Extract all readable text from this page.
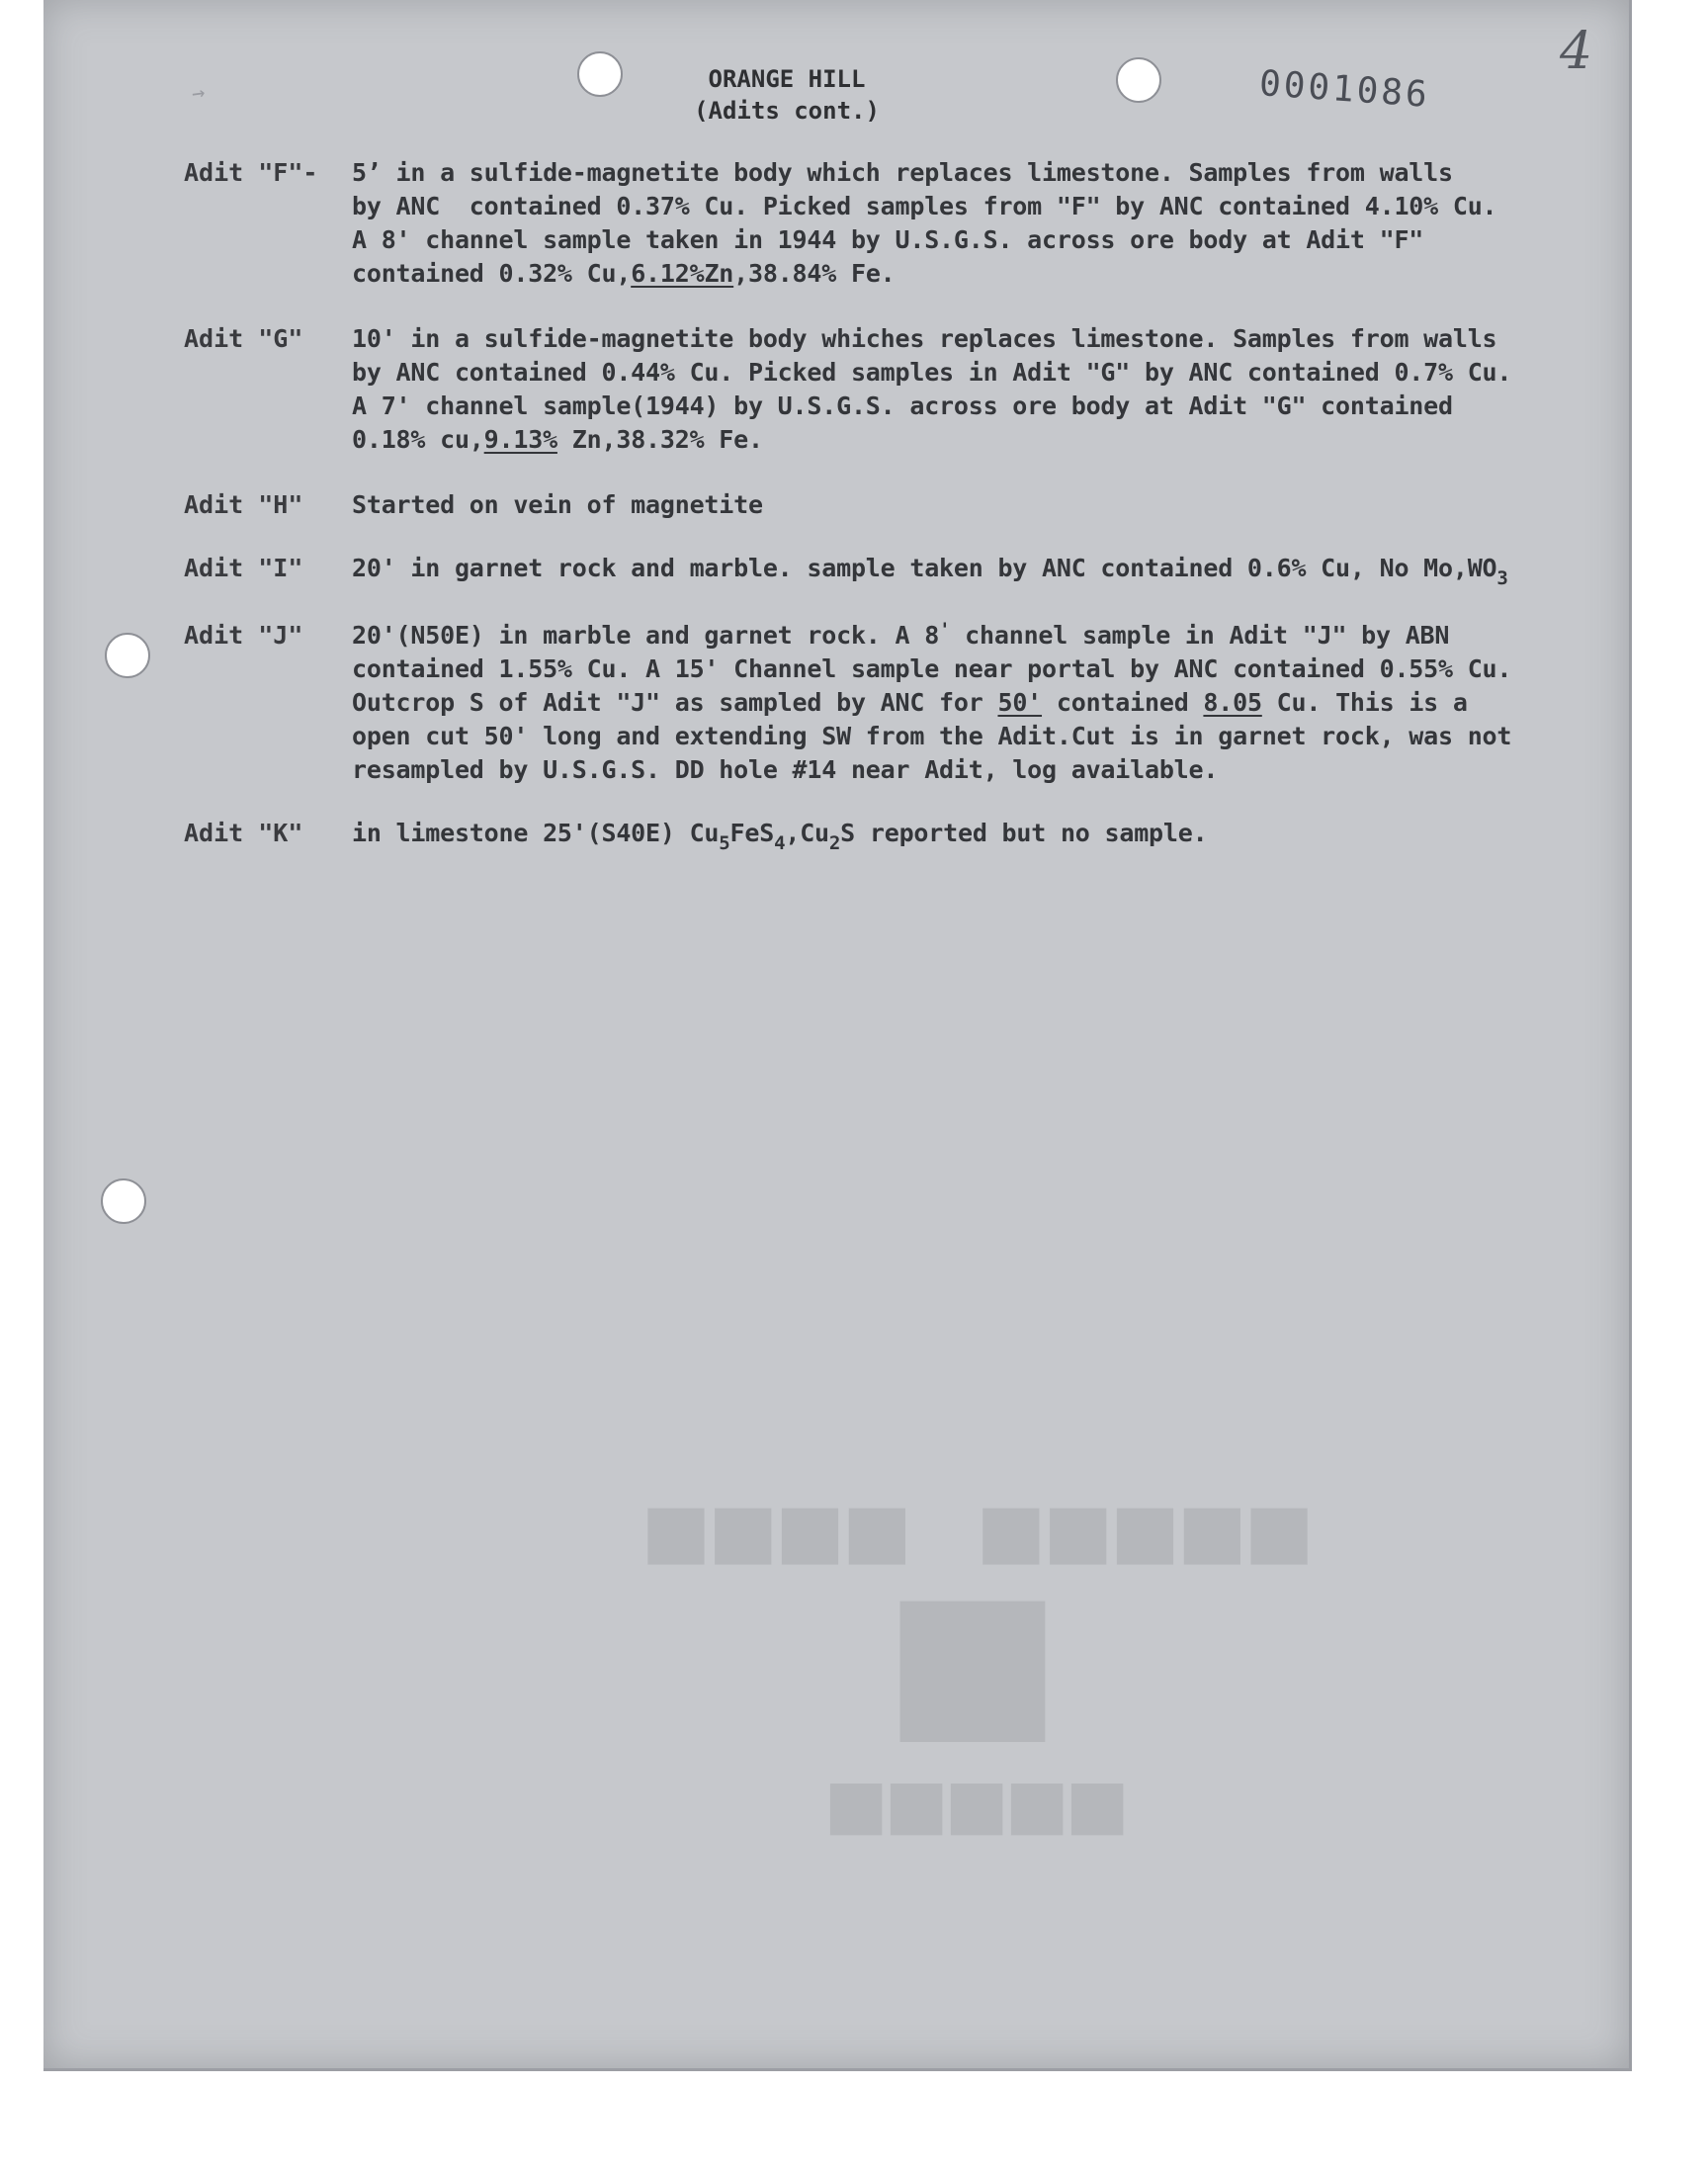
→
ORANGE HILL
(Adits cont.)	0001086
4
Adit "F"-	5’ in a sulfide-magnetite body which replaces limestone. Samples from walls
by ANC  contained 0.37% Cu. Picked samples from "F" by ANC contained 4.10% Cu.
A 8' channel sample taken in 1944 by U.S.G.S. across ore body at Adit "F"
contained 0.32% Cu,6.12%Zn,38.84% Fe.
Adit "G"	10' in a sulfide-magnetite body whiches replaces limestone. Samples from walls
by ANC contained 0.44% Cu. Picked samples in Adit "G" by ANC contained 0.7% Cu.
A 7' channel sample(1944) by U.S.G.S. across ore body at Adit "G" contained
0.18% cu,9.13% Zn,38.32% Fe.
Adit "H"	Started on vein of magnetite
Adit "I"	20' in garnet rock and marble. sample taken by ANC contained 0.6% Cu, No $Mo,WO_3$
Adit "J"	20'(N50E) in marble and garnet rock. A 8' channel sample in Adit "J" by ABN
contained 1.55% Cu. A 15' Channel sample near portal by ANC contained 0.55% Cu.
Outcrop S of Adit "J" as sampled by ANC for 50' contained 8.05 Cu. This is a
open cut 50' long and extending SW from the Adit.Cut is in garnet rock, was not
resampled by U.S.G.S. DD hole #14 near Adit, log available.
Adit "K"	in limestone 25'(S40E) $Cu_5FeS_4,Cu_2S$ reported but no sample.
■■■■■ ■■■■
██
■■■■■
